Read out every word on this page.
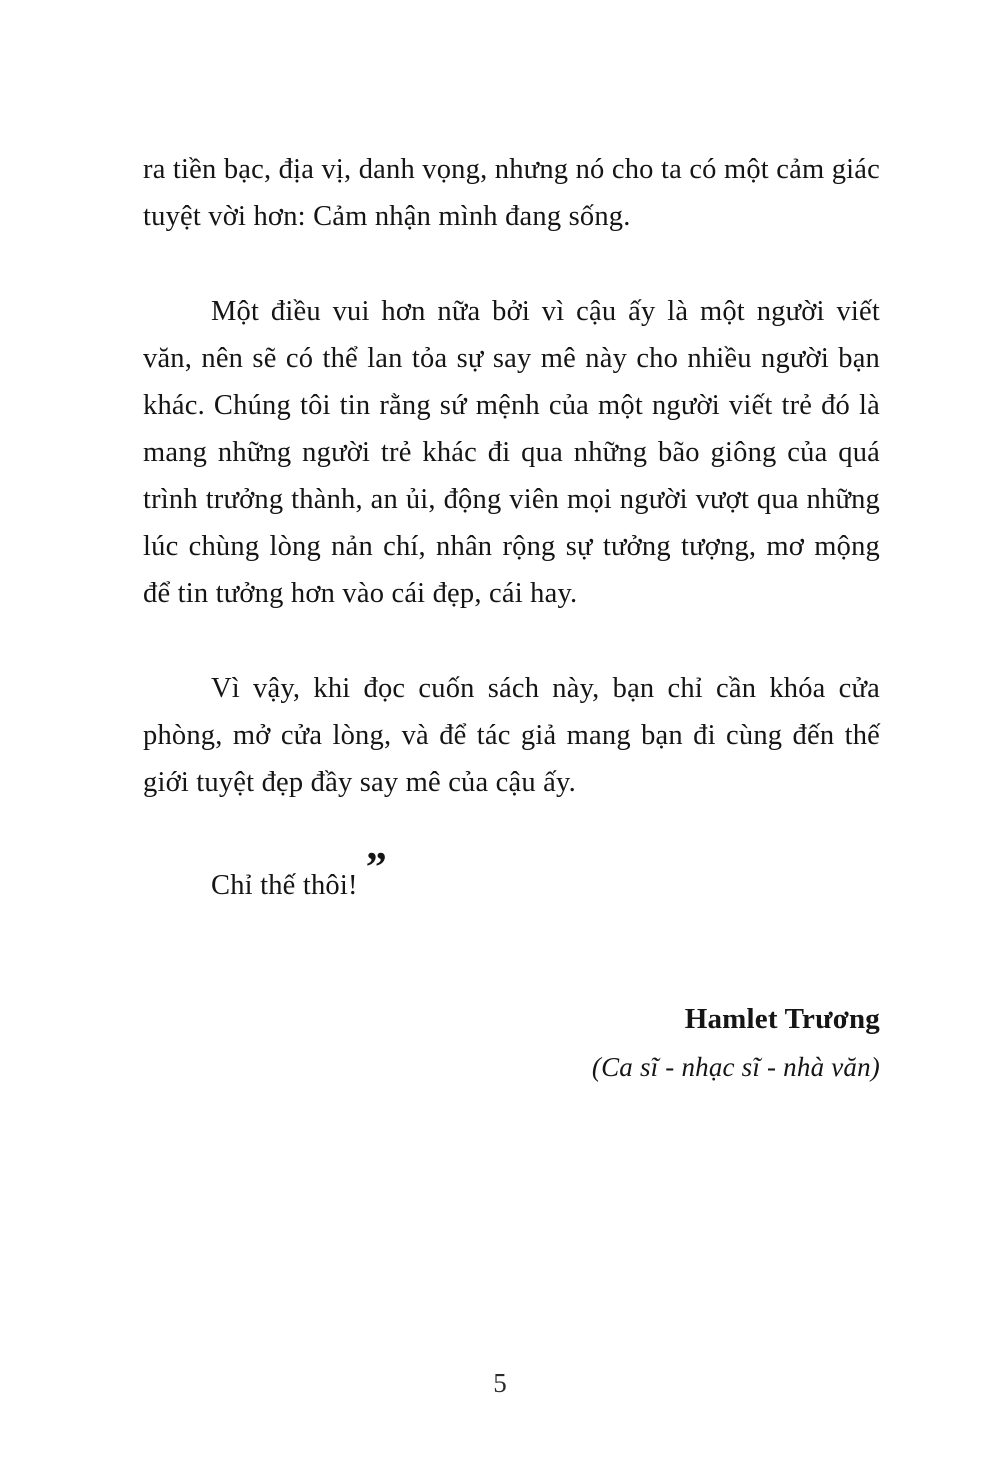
ra tiền bạc, địa vị, danh vọng, nhưng nó cho ta có một cảm giác tuyệt vời hơn: Cảm nhận mình đang sống.

Một điều vui hơn nữa bởi vì cậu ấy là một người viết văn, nên sẽ có thể lan tỏa sự say mê này cho nhiều người bạn khác. Chúng tôi tin rằng sứ mệnh của một người viết trẻ đó là mang những người trẻ khác đi qua những bão giông của quá trình trưởng thành, an ủi, động viên mọi người vượt qua những lúc chùng lòng nản chí, nhân rộng sự tưởng tượng, mơ mộng để tin tưởng hơn vào cái đẹp, cái hay.

Vì vậy, khi đọc cuốn sách này, bạn chỉ cần khóa cửa phòng, mở cửa lòng, và để tác giả mang bạn đi cùng đến thế giới tuyệt đẹp đầy say mê của cậu ấy.

Chỉ thế thôi! ”

Hamlet Trương
(Ca sĩ - nhạc sĩ - nhà văn)
5
